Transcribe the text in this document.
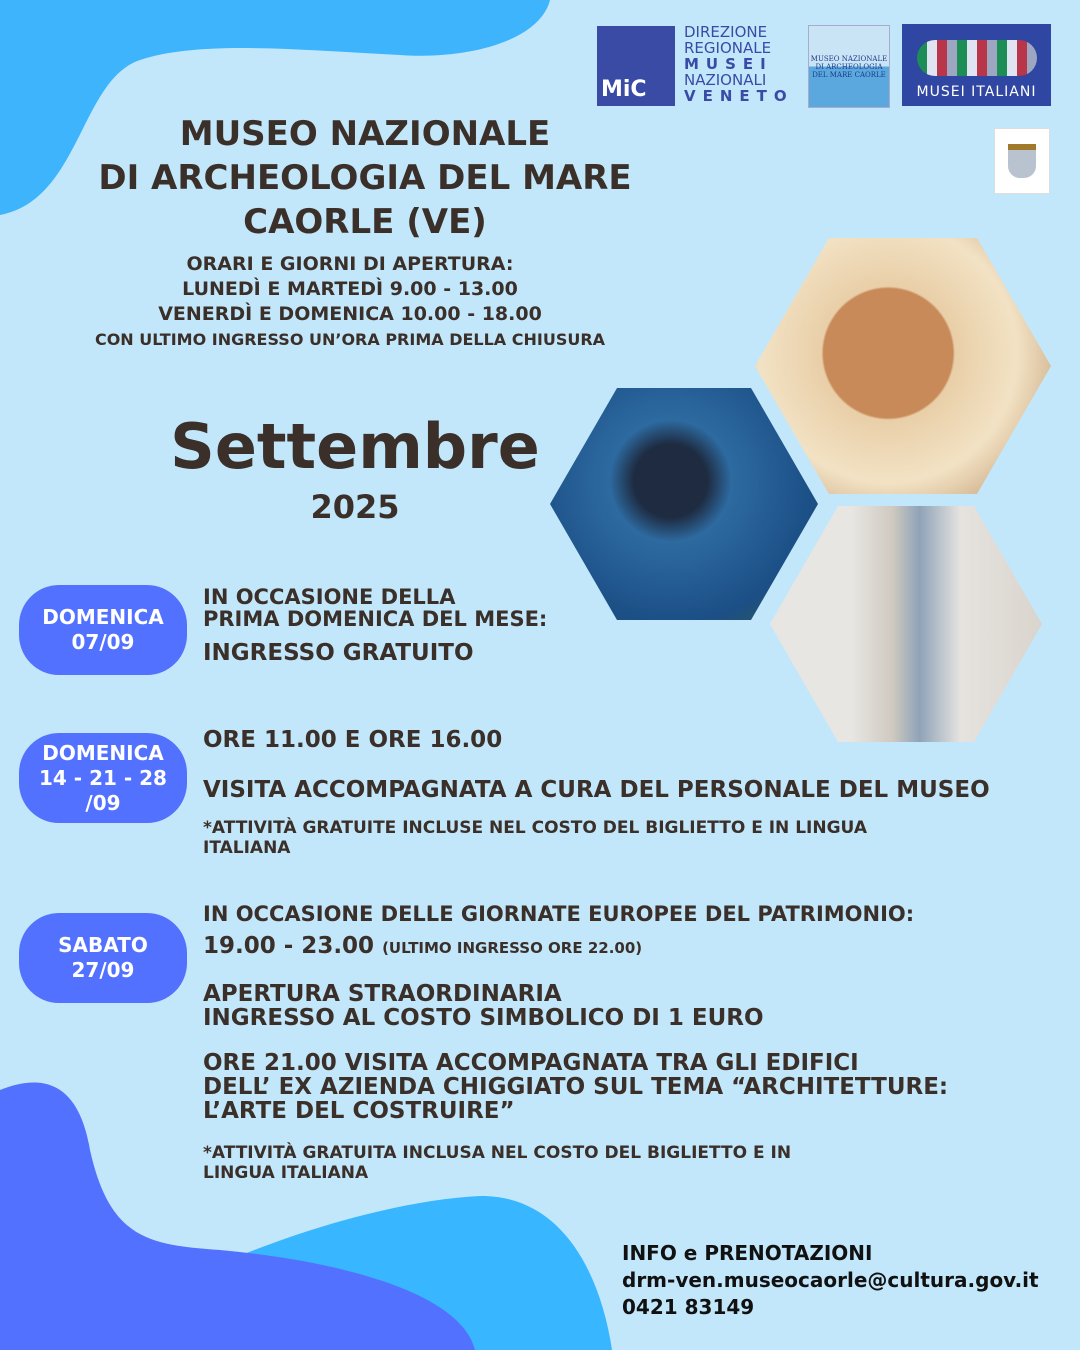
MiC
DIREZIONE
REGIONALE
MUSEI
NAZIONALI
VENETO
MUSEO NAZIONALE DI ARCHEOLOGIA DEL MARE CAORLE
MUSEI ITALIANI
MUSEO NAZIONALE
DI ARCHEOLOGIA DEL MARE
CAORLE (VE)
ORARI E GIORNI DI APERTURA:
LUNEDÌ E MARTEDÌ 9.00 - 13.00
VENERDÌ E DOMENICA 10.00 - 18.00
CON ULTIMO INGRESSO UN’ORA PRIMA DELLA CHIUSURA
Settembre
2025
DOMENICA
07/09
IN OCCASIONE DELLA
PRIMA DOMENICA DEL MESE:
INGRESSO GRATUITO
DOMENICA
14 - 21 - 28
/09
ORE 11.00 E ORE 16.00
VISITA ACCOMPAGNATA A CURA DEL PERSONALE DEL MUSEO
*ATTIVITÀ GRATUITE INCLUSE NEL COSTO DEL BIGLIETTO E IN LINGUA
ITALIANA
SABATO
27/09
IN OCCASIONE DELLE GIORNATE EUROPEE DEL PATRIMONIO:
19.00 - 23.00 (ULTIMO INGRESSO ORE 22.00)
APERTURA STRAORDINARIA
INGRESSO AL COSTO SIMBOLICO DI 1 EURO
ORE 21.00 VISITA ACCOMPAGNATA TRA GLI EDIFICI
DELL’ EX AZIENDA CHIGGIATO SUL TEMA “ARCHITETTURE:
L’ARTE DEL COSTRUIRE”
*ATTIVITÀ GRATUITA INCLUSA NEL COSTO DEL BIGLIETTO E IN
LINGUA ITALIANA
INFO e PRENOTAZIONI
drm-ven.museocaorle@cultura.gov.it
0421 83149
